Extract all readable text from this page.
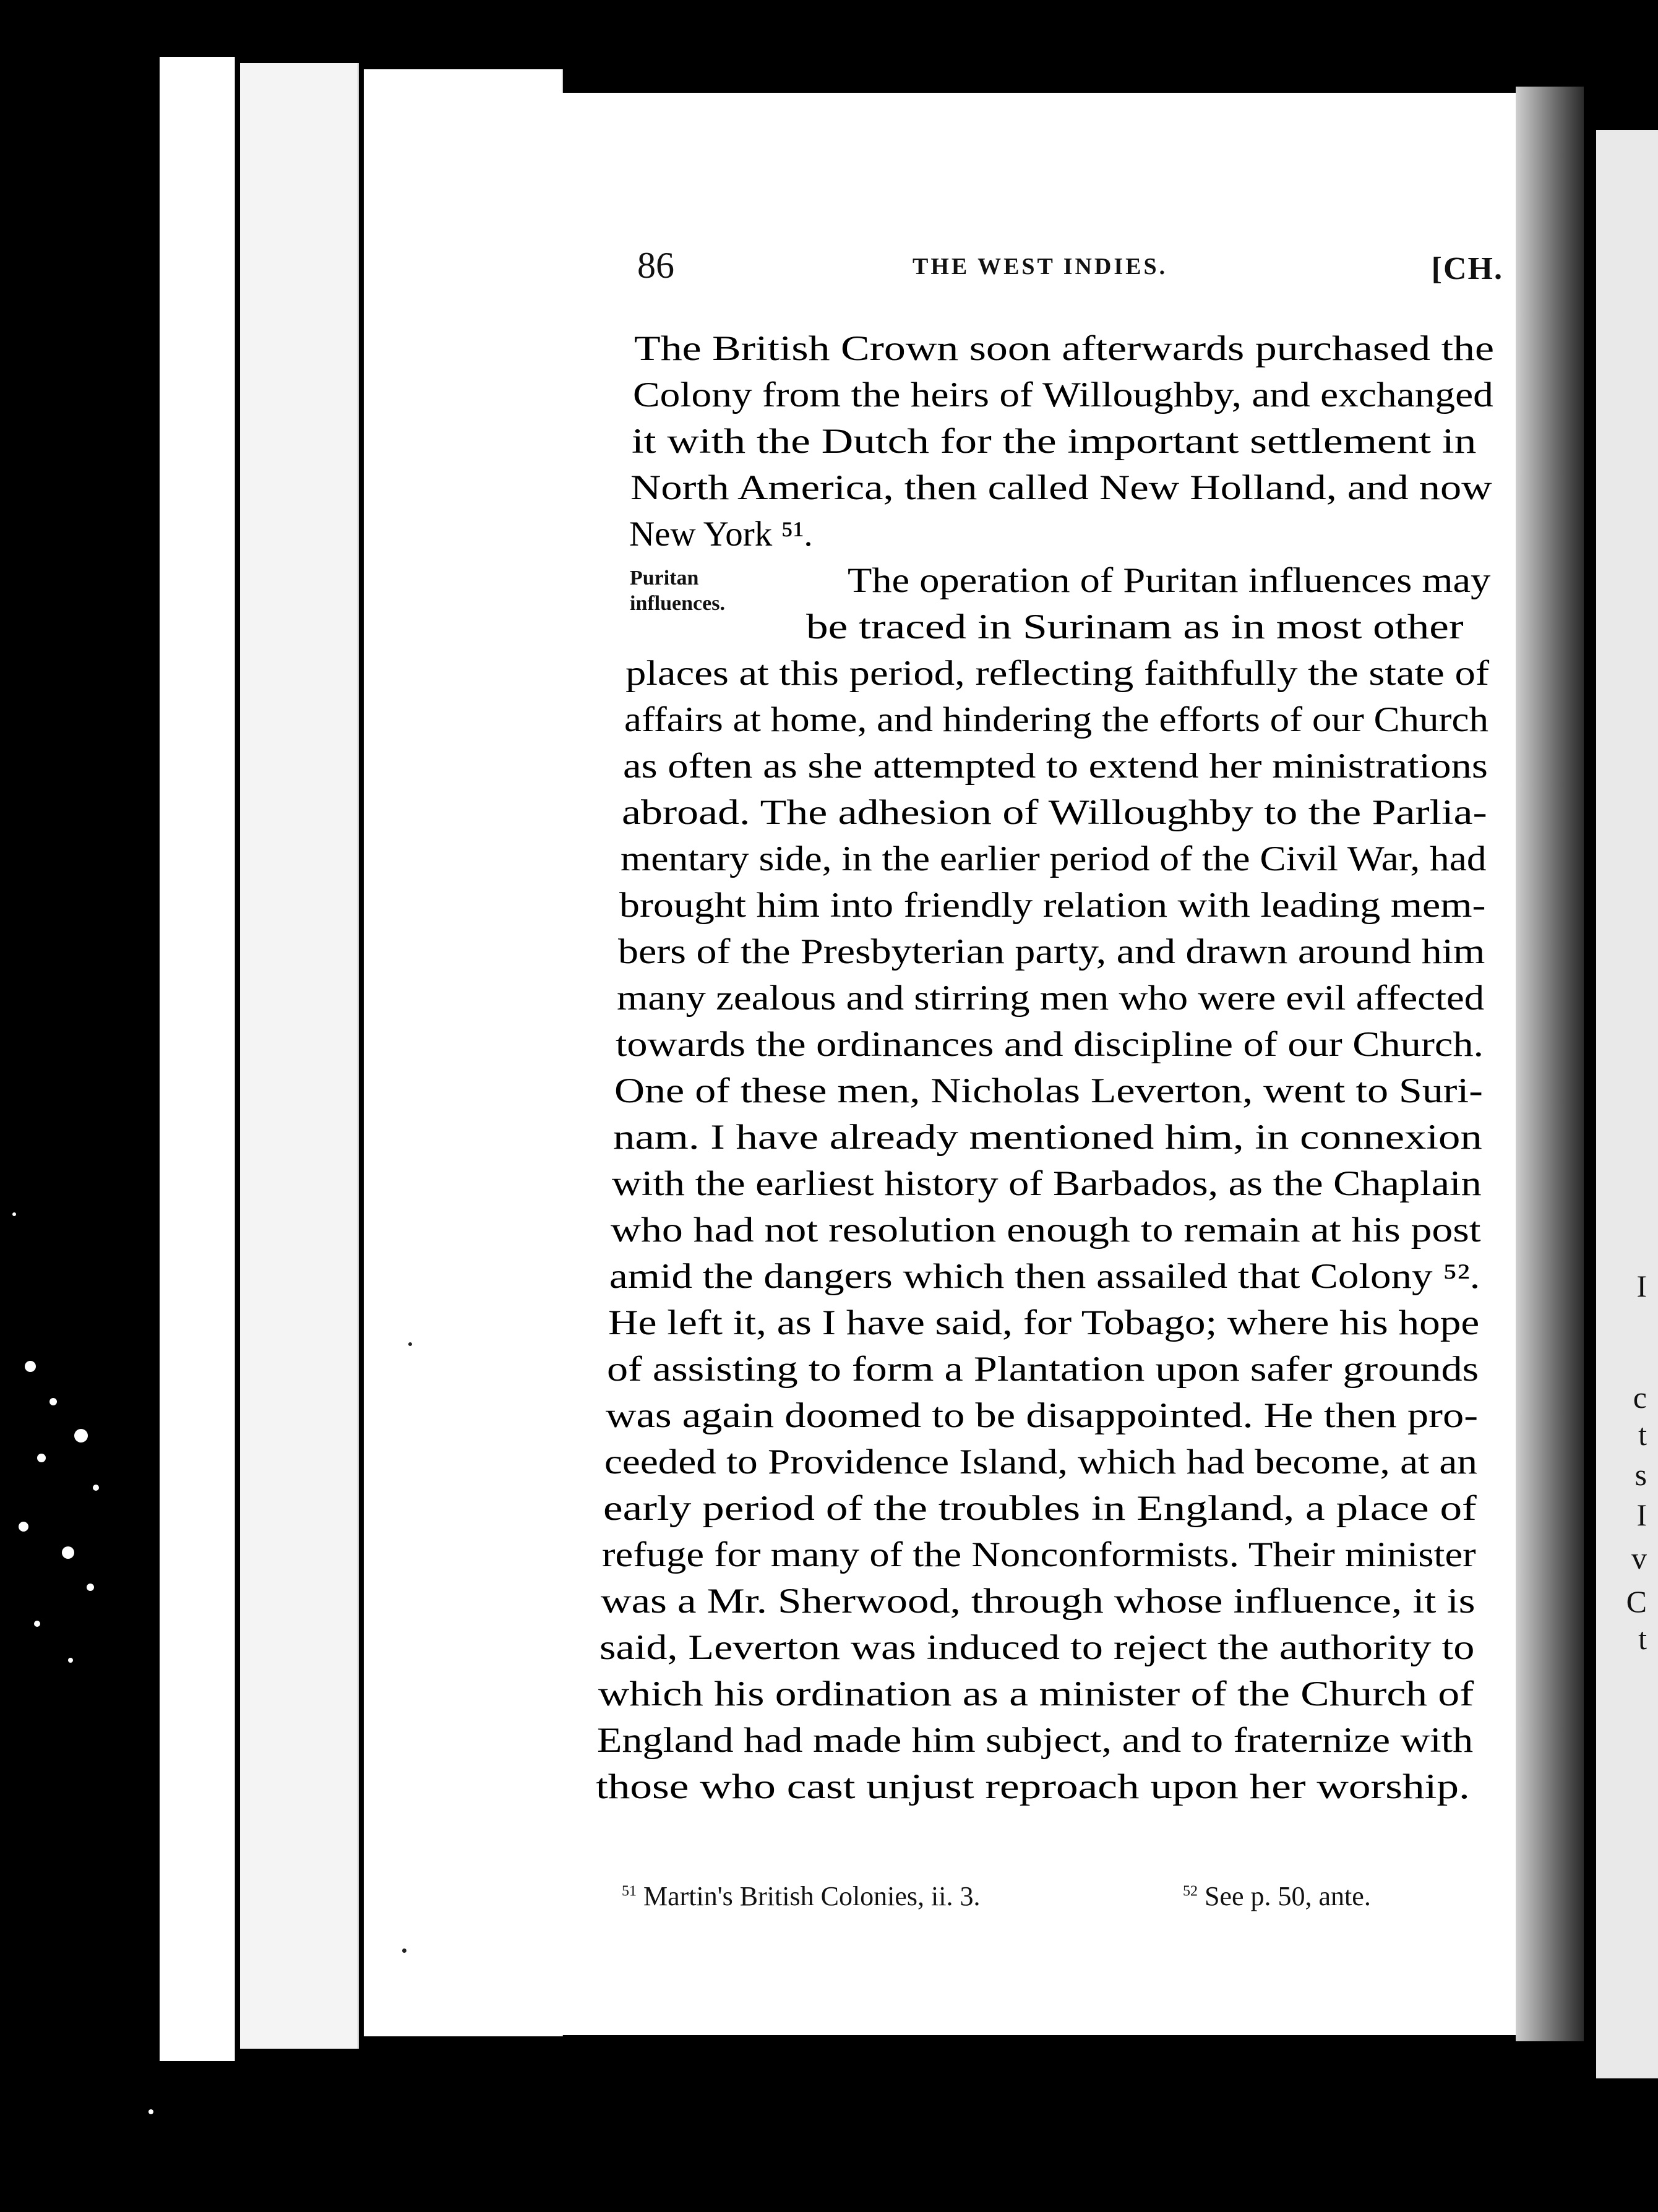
I
c
t
s
I
v
C
t
86	THE WEST INDIES.	[CH.
Puritan
influences.
The British Crown soon afterwards purchased the
Colony from the heirs of Willoughby, and exchanged
it with the Dutch for the important settlement in
North America, then called New Holland, and now
New York ⁵¹.
The operation of Puritan influences may
be traced in Surinam as in most other
places at this period, reflecting faithfully the state of
affairs at home, and hindering the efforts of our Church
as often as she attempted to extend her ministrations
abroad. The adhesion of Willoughby to the Parlia-
mentary side, in the earlier period of the Civil War, had
brought him into friendly relation with leading mem-
bers of the Presbyterian party, and drawn around him
many zealous and stirring men who were evil affected
towards the ordinances and discipline of our Church.
One of these men, Nicholas Leverton, went to Suri-
nam. I have already mentioned him, in connexion
with the earliest history of Barbados, as the Chaplain
who had not resolution enough to remain at his post
amid the dangers which then assailed that Colony ⁵².
He left it, as I have said, for Tobago; where his hope
of assisting to form a Plantation upon safer grounds
was again doomed to be disappointed. He then pro-
ceeded to Providence Island, which had become, at an
early period of the troubles in England, a place of
refuge for many of the Nonconformists. Their minister
was a Mr. Sherwood, through whose influence, it is
said, Leverton was induced to reject the authority to
which his ordination as a minister of the Church of
England had made him subject, and to fraternize with
those who cast unjust reproach upon her worship.
$^{51}$ Martin's British Colonies, ii. 3.	$^{52}$ See p. 50, ante.
